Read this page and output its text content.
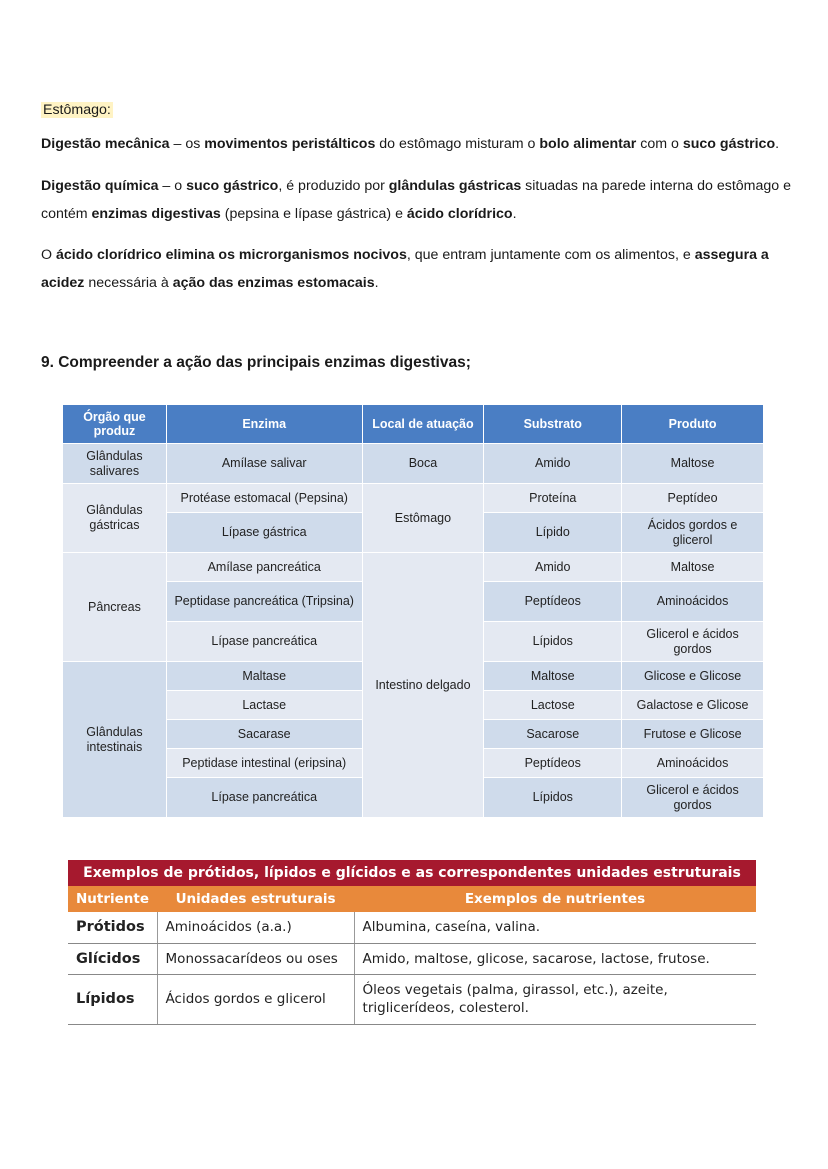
Estômago:
Digestão mecânica – os movimentos peristálticos do estômago misturam o bolo alimentar com o suco gástrico.
Digestão química – o suco gástrico, é produzido por glândulas gástricas situadas na parede interna do estômago e contém enzimas digestivas (pepsina e lípase gástrica) e ácido clorídrico.
O ácido clorídrico elimina os microrganismos nocivos, que entram juntamente com os alimentos, e assegura a acidez necessária à ação das enzimas estomacais.
9. Compreender a ação das principais enzimas digestivas;
Órgão que produz	Enzima	Local de atuação	Substrato	Produto
Glândulas salivares	Amílase salivar	Boca	Amido	Maltose
Glândulas gástricas	Protéase estomacal (Pepsina)	Estômago	Proteína	Peptídeo
	Lípase gástrica		Lípido	Ácidos gordos e glicerol
Pâncreas	Amílase pancreática	Intestino delgado	Amido	Maltose
	Peptidase pancreática (Tripsina)		Peptídeos	Aminoácidos
	Lípase pancreática		Lípidos	Glicerol e ácidos gordos
Glândulas intestinais	Maltase		Maltose	Glicose e Glicose
	Lactase		Lactose	Galactose e Glicose
	Sacarase		Sacarose	Frutose e Glicose
	Peptidase intestinal (eripsina)		Peptídeos	Aminoácidos
	Lípase pancreática		Lípidos	Glicerol e ácidos gordos
Exemplos de prótidos, lípidos e glícidos e as correspondentes unidades estruturais		
Nutriente	Unidades estruturais	Exemplos de nutrientes
Prótidos	Aminoácidos (a.a.)	Albumina, caseína, valina.
Glícidos	Monossacarídeos ou oses	Amido, maltose, glicose, sacarose, lactose, frutose.
Lípidos	Ácidos gordos e glicerol	Óleos vegetais (palma, girassol, etc.), azeite, triglicerídeos, colesterol.
